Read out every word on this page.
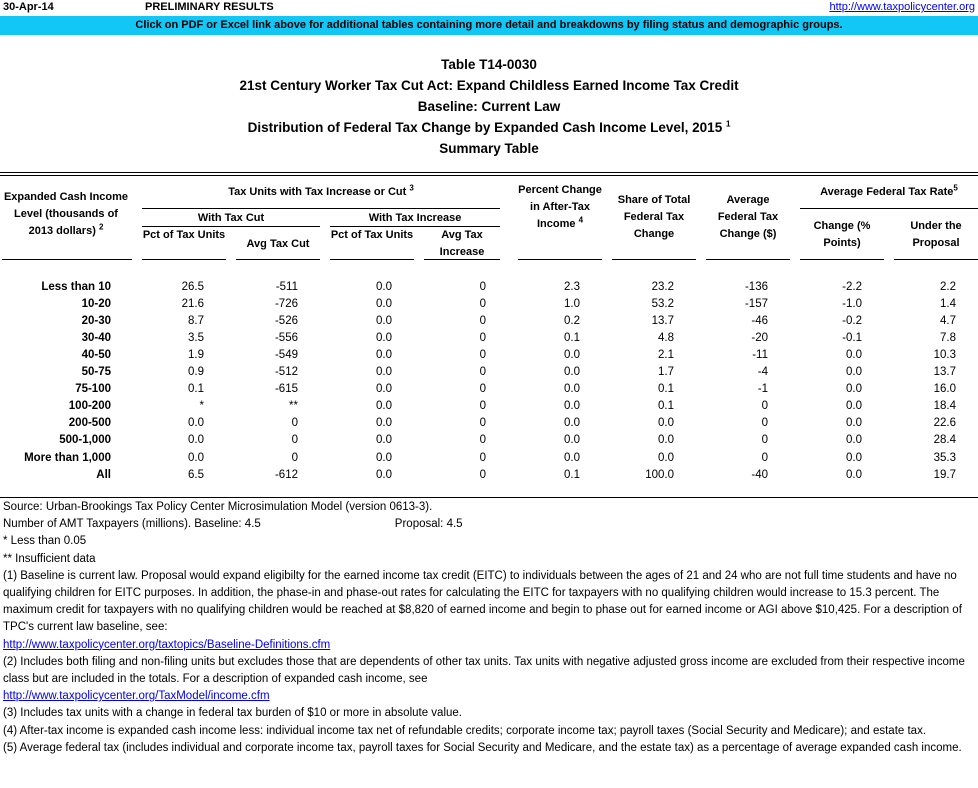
30-Apr-14	PRELIMINARY RESULTS	http://www.taxpolicycenter.org
Click on PDF or Excel link above for additional tables containing more detail and breakdowns by filing status and demographic groups.
Table T14-0030
21st Century Worker Tax Cut Act: Expand Childless Earned Income Tax Credit
Baseline: Current Law
Distribution of Federal Tax Change by Expanded Cash Income Level, 2015 $^1$
Summary Table
Expanded Cash Income Level (thousands of 2013 dollars) $^2$
Tax Units with Tax Increase or Cut $^3$
With Tax Cut	With Tax Increase
Pct of Tax Units
Avg Tax Cut
Pct of Tax Units	Avg Tax Increase
Percent Change in After-Tax Income $^4$
Share of Total Federal Tax Change
Average Federal Tax Change ($)
Average Federal Tax Rate$^5$
Change (% Points)
Under the Proposal
Less than 10	26.5	-511	0.0	0	2.3	23.2	-136	-2.2	2.2
10-20	21.6	-726	0.0	0	1.0	53.2	-157	-1.0	1.4
20-30	8.7	-526	0.0	0	0.2	13.7	-46	-0.2	4.7
30-40	3.5	-556	0.0	0	0.1	4.8	-20	-0.1	7.8
40-50	1.9	-549	0.0	0	0.0	2.1	-11	0.0	10.3
50-75	0.9	-512	0.0	0	0.0	1.7	-4	0.0	13.7
75-100	0.1	-615	0.0	0	0.0	0.1	-1	0.0	16.0
100-200	*	**	0.0	0	0.0	0.1	0	0.0	18.4
200-500	0.0	0	0.0	0	0.0	0.0	0	0.0	22.6
500-1,000	0.0	0	0.0	0	0.0	0.0	0	0.0	28.4
More than 1,000	0.0	0	0.0	0	0.0	0.0	0	0.0	35.3
All	6.5	-612	0.0	0	0.1	100.0	-40	0.0	19.7
Source: Urban-Brookings Tax Policy Center Microsimulation Model (version 0613-3).
Number of AMT Taxpayers (millions). Baseline: 4.5	Proposal: 4.5
* Less than 0.05
** Insufficient data
(1) Baseline is current law. Proposal would expand eligibilty for the earned income tax credit (EITC) to individuals between the ages of 21 and 24 who are not full time students and have no qualifying children for EITC purposes. In addition, the phase-in and phase-out rates for calculating the EITC for taxpayers with no qualifying children would increase to 15.3 percent. The maximum credit for taxpayers with no qualifying children would be reached at $8,820 of earned income and begin to phase out for earned income or AGI above $10,425. For a description of TPC's current law baseline, see:
http://www.taxpolicycenter.org/taxtopics/Baseline-Definitions.cfm
(2) Includes both filing and non-filing units but excludes those that are dependents of other tax units. Tax units with negative adjusted gross income are excluded from their respective income class but are included in the totals. For a description of expanded cash income, see
http://www.taxpolicycenter.org/TaxModel/income.cfm
(3) Includes tax units with a change in federal tax burden of $10 or more in absolute value.
(4) After-tax income is expanded cash income less: individual income tax net of refundable credits; corporate income tax; payroll taxes (Social Security and Medicare); and estate tax.
(5) Average federal tax (includes individual and corporate income tax, payroll taxes for Social Security and Medicare, and the estate tax) as a percentage of average expanded cash income.
